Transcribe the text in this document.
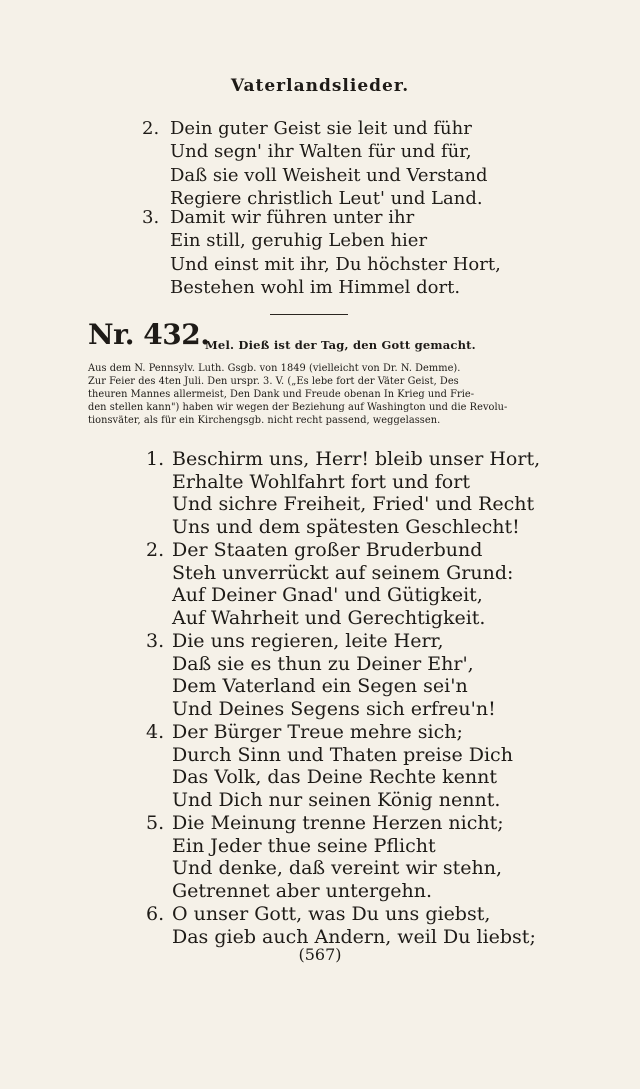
Vaterlandslieder.
2. Dein guter Geist sie leit und führ
Und segn' ihr Walten für und für,
Daß sie voll Weisheit und Verstand
Regiere christlich Leut' und Land.
3. Damit wir führen unter ihr
Ein still, geruhig Leben hier
Und einst mit ihr, Du höchster Hort,
Bestehen wohl im Himmel dort.
Nr. 432.
Mel. Dieß ist der Tag, den Gott gemacht.
Aus dem N. Pennsylv. Luth. Gsgb. von 1849 (vielleicht von Dr. N. Demme).
Zur Feier des 4ten Juli. Den urspr. 3. V. („Es lebe fort der Väter Geist, Des
theuren Mannes allermeist, Den Dank und Freude obenan In Krieg und Frie-
den stellen kann") haben wir wegen der Beziehung auf Washington und die Revolu-
tionsväter, als für ein Kirchengsgb. nicht recht passend, weggelassen.
1. Beschirm uns, Herr! bleib unser Hort,
Erhalte Wohlfahrt fort und fort
Und sichre Freiheit, Fried' und Recht
Uns und dem spätesten Geschlecht!
2. Der Staaten großer Bruderbund
Steh unverrückt auf seinem Grund:
Auf Deiner Gnad' und Gütigkeit,
Auf Wahrheit und Gerechtigkeit.
3. Die uns regieren, leite Herr,
Daß sie es thun zu Deiner Ehr',
Dem Vaterland ein Segen sei'n
Und Deines Segens sich erfreu'n!
4. Der Bürger Treue mehre sich;
Durch Sinn und Thaten preise Dich
Das Volk, das Deine Rechte kennt
Und Dich nur seinen König nennt.
5. Die Meinung trenne Herzen nicht;
Ein Jeder thue seine Pflicht
Und denke, daß vereint wir stehn,
Getrennet aber untergehn.
6. O unser Gott, was Du uns giebst,
Das gieb auch Andern, weil Du liebst;
(567)
